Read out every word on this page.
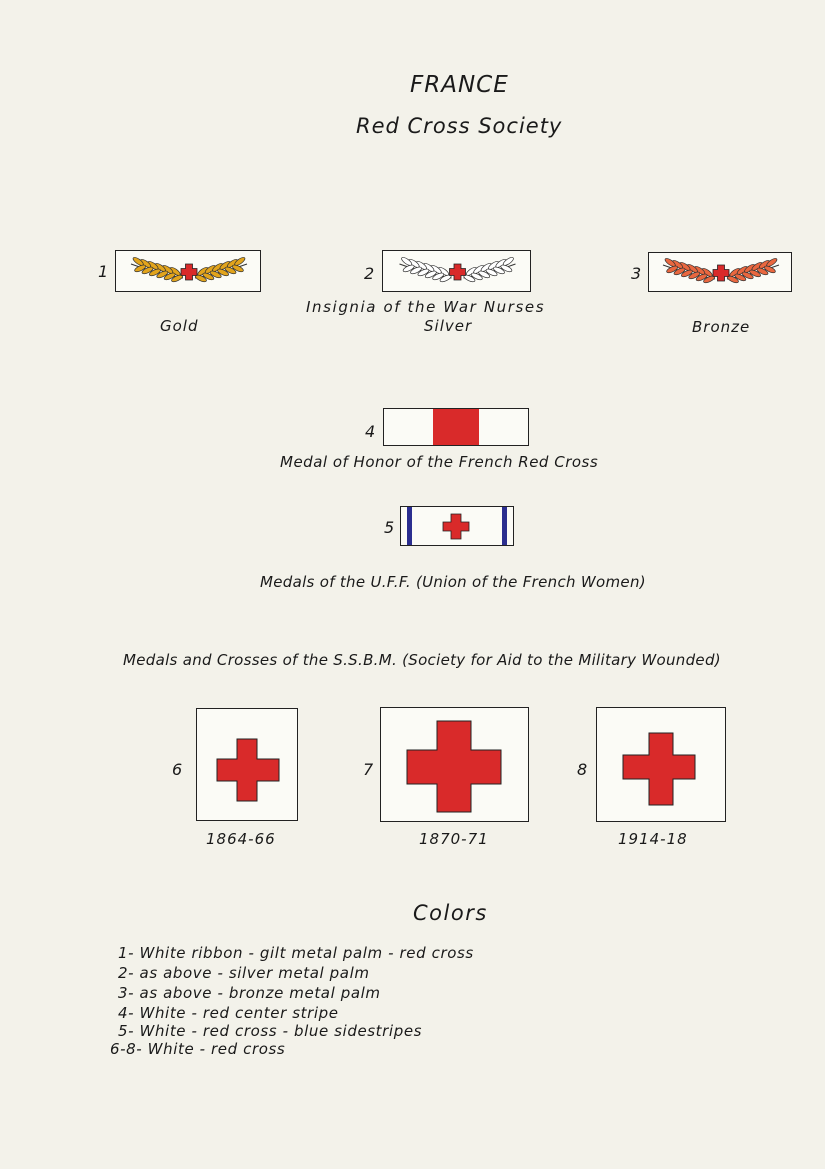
FRANCE
Red Cross Society
1
Gold
2
Insignia of the War Nurses
Silver
3
Bronze
4
Medal of Honor of the French Red Cross
5
Medals of the U.F.F. (Union of the French Women)
Medals and Crosses of the S.S.B.M. (Society for Aid to the Military Wounded)
6
1864-66
7
1870-71
8
1914-18
Colors
1- White ribbon - gilt metal palm - red cross
2- as above - silver metal palm
3- as above - bronze metal palm
4- White - red center stripe
5- White - red cross - blue sidestripes
6-8- White - red cross
